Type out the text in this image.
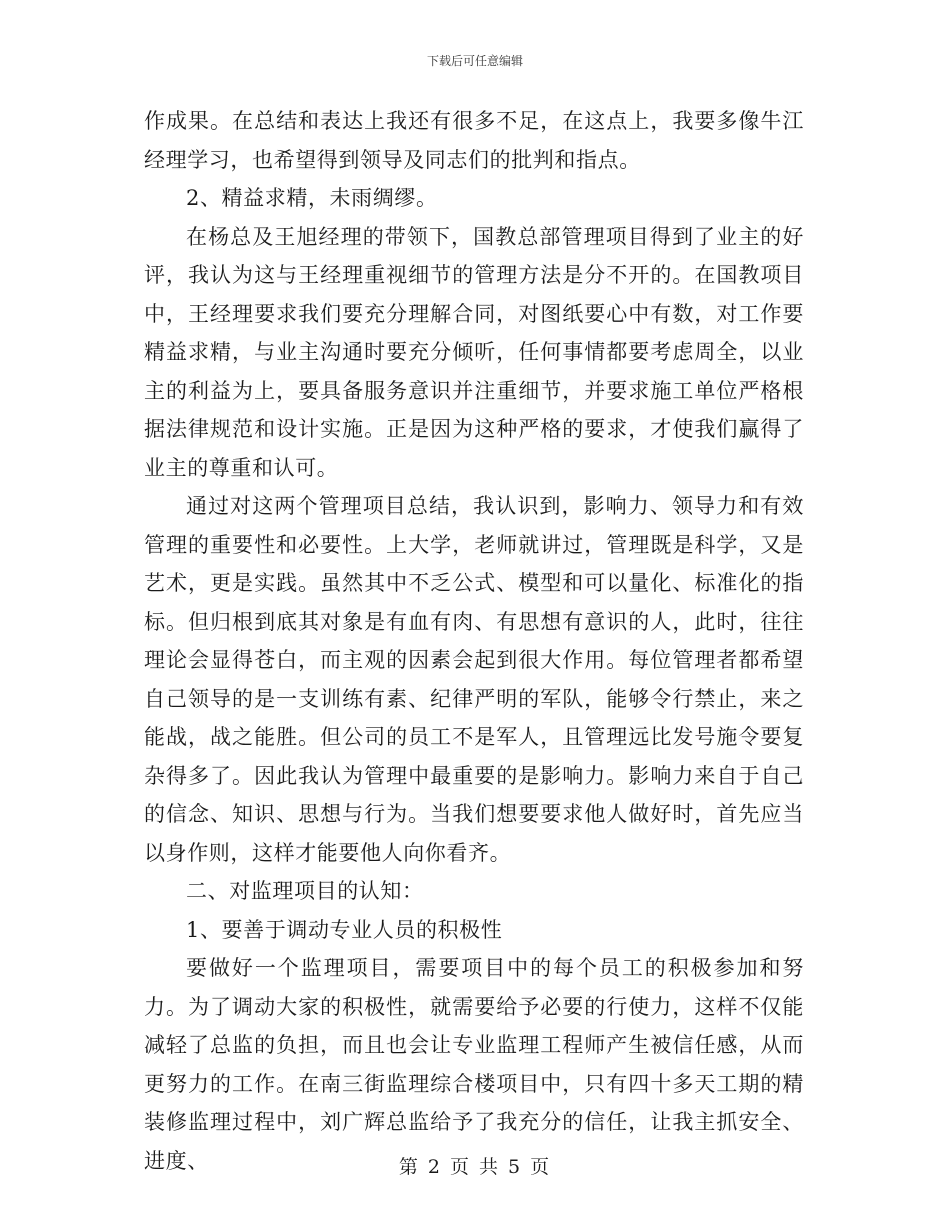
下载后可任意编辑

作成果。在总结和表达上我还有很多不足，在这点上，我要多像牛江经理学习，也希望得到领导及同志们的批判和指点。

2、精益求精，未雨绸缪。

在杨总及王旭经理的带领下，国教总部管理项目得到了业主的好评，我认为这与王经理重视细节的管理方法是分不开的。在国教项目中，王经理要求我们要充分理解合同，对图纸要心中有数，对工作要精益求精，与业主沟通时要充分倾听，任何事情都要考虑周全，以业主的利益为上，要具备服务意识并注重细节，并要求施工单位严格根据法律规范和设计实施。正是因为这种严格的要求，才使我们赢得了业主的尊重和认可。

通过对这两个管理项目总结，我认识到，影响力、领导力和有效管理的重要性和必要性。上大学，老师就讲过，管理既是科学，又是艺术，更是实践。虽然其中不乏公式、模型和可以量化、标准化的指标。但归根到底其对象是有血有肉、有思想有意识的人，此时，往往理论会显得苍白，而主观的因素会起到很大作用。每位管理者都希望自己领导的是一支训练有素、纪律严明的军队，能够令行禁止，来之能战，战之能胜。但公司的员工不是军人，且管理远比发号施令要复杂得多了。因此我认为管理中最重要的是影响力。影响力来自于自己的信念、知识、思想与行为。当我们想要要求他人做好时，首先应当以身作则，这样才能要他人向你看齐。

二、对监理项目的认知：

1、要善于调动专业人员的积极性

要做好一个监理项目，需要项目中的每个员工的积极参加和努力。为了调动大家的积极性，就需要给予必要的行使力，这样不仅能减轻了总监的负担，而且也会让专业监理工程师产生被信任感，从而更努力的工作。在南三街监理综合楼项目中，只有四十多天工期的精装修监理过程中，刘广辉总监给予了我充分的信任，让我主抓安全、进度、	第 2 页 共 5 页
